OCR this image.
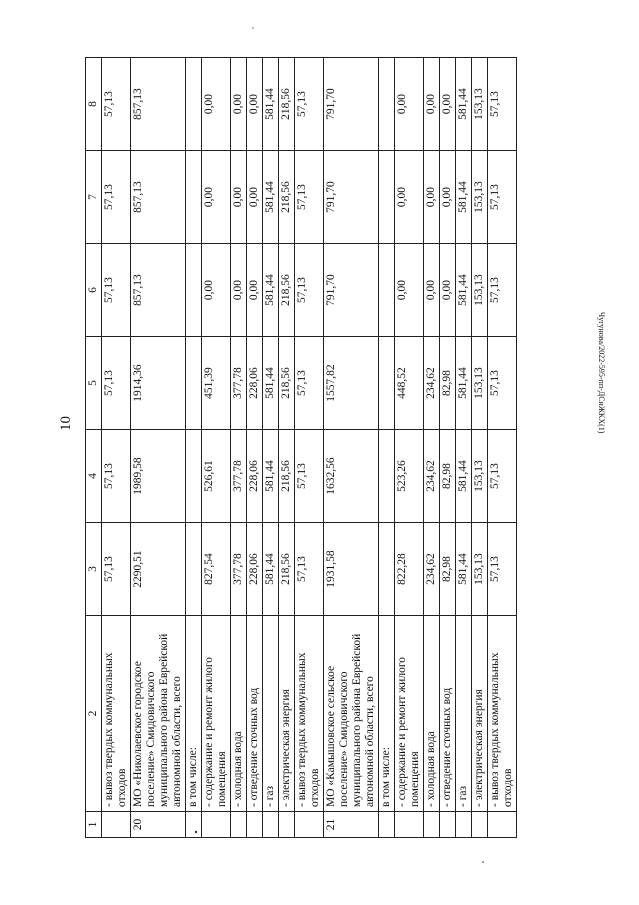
10	Чугунова/2022-595-пп-ДСиЖКХ(1)
1	2	3	4	5	6	7	8
	- вывоз твердых коммунальных отходов	57,13	57,13	57,13	57,13	57,13	57,13
20	МО «Николаевское городское поселение» Смидовичского муниципального района Еврейской автономной области, всего	2290,51	1989,58	1914,36	857,13	857,13	857,13
	в том числе:						
	- содержание и ремонт жилого помещения	827,54	526,61	451,39	0,00	0,00	0,00
	- холодная вода	377,78	377,78	377,78	0,00	0,00	0,00
	- отведение сточных вод	228,06	228,06	228,06	0,00	0,00	0,00
	- газ	581,44	581,44	581,44	581,44	581,44	581,44
	- электрическая энергия	218,56	218,56	218,56	218,56	218,56	218,56
	- вывоз твердых коммунальных отходов	57,13	57,13	57,13	57,13	57,13	57,13
21	МО «Камышовское сельское поселение» Смидовичского муниципального района Еврейской автономной области, всего	1931,58	1632,56	1557,82	791,70	791,70	791,70
	в том числе:						
	- содержание и ремонт жилого помещения	822,28	523,26	448,52	0,00	0,00	0,00
	- холодная вода	234,62	234,62	234,62	0,00	0,00	0,00
	- отведение сточных вод	82,98	82,98	82,98	0,00	0,00	0,00
	- газ	581,44	581,44	581,44	581,44	581,44	581,44
	- электрическая энергия	153,13	153,13	153,13	153,13	153,13	153,13
	- вывоз твердых коммунальных отходов	57,13	57,13	57,13	57,13	57,13	57,13
